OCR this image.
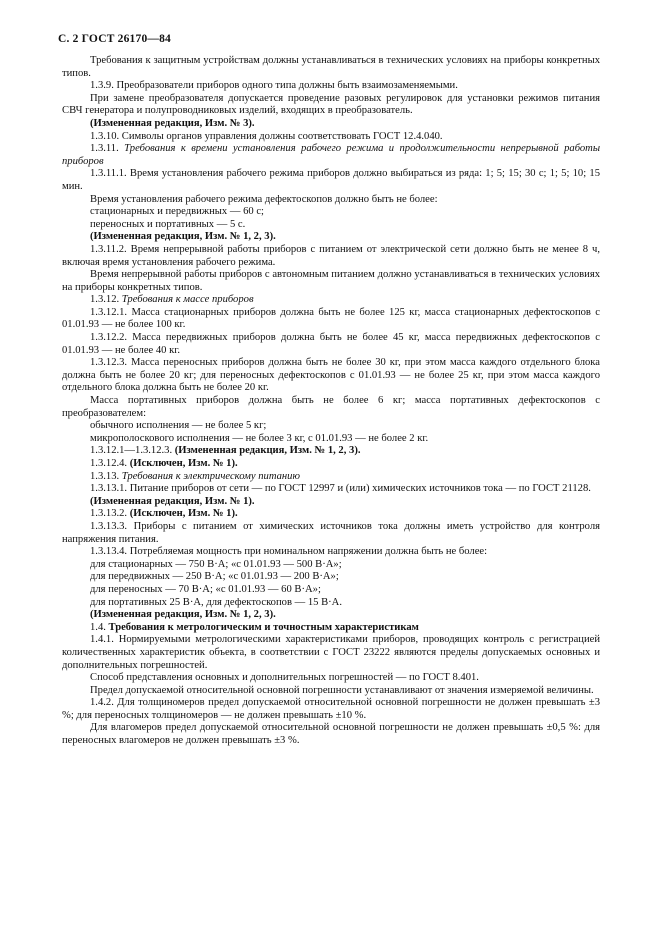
С. 2 ГОСТ 26170—84

Требования к защитным устройствам должны устанавливаться в технических условиях на приборы конкретных типов.

1.3.9. Преобразователи приборов одного типа должны быть взаимозаменяемыми.

При замене преобразователя допускается проведение разовых регулировок для установки режимов питания СВЧ генератора и полупроводниковых изделий, входящих в преобразователь.

(Измененная редакция, Изм. № 3).

1.3.10. Символы органов управления должны соответствовать ГОСТ 12.4.040.

1.3.11. Требования к времени установления рабочего режима и продолжительности непрерывной работы приборов

1.3.11.1. Время установления рабочего режима приборов должно выбираться из ряда: 1; 5; 15; 30 с; 1; 5; 10; 15 мин.

Время установления рабочего режима дефектоскопов должно быть не более:

стационарных и передвижных — 60 с;

переносных и портативных — 5 с.

(Измененная редакция, Изм. № 1, 2, 3).

1.3.11.2. Время непрерывной работы приборов с питанием от электрической сети должно быть не менее 8 ч, включая время установления рабочего режима.

Время непрерывной работы приборов с автономным питанием должно устанавливаться в технических условиях на приборы конкретных типов.

1.3.12. Требования к массе приборов

1.3.12.1. Масса стационарных приборов должна быть не более 125 кг, масса стационарных дефектоскопов с 01.01.93 — не более 100 кг.

1.3.12.2. Масса передвижных приборов должна быть не более 45 кг, масса передвижных дефектоскопов с 01.01.93 — не более 40 кг.

1.3.12.3. Масса переносных приборов должна быть не более 30 кг, при этом масса каждого отдельного блока должна быть не более 20 кг; для переносных дефектоскопов с 01.01.93 — не более 25 кг, при этом масса каждого отдельного блока должна быть не более 20 кг.

Масса портативных приборов должна быть не более 6 кг; масса портативных дефектоскопов с преобразователем:

обычного исполнения — не более 5 кг;

микрополоскового исполнения — не более 3 кг, с 01.01.93 — не более 2 кг.

1.3.12.1—1.3.12.3. (Измененная редакция, Изм. № 1, 2, 3).

1.3.12.4. (Исключен, Изм. № 1).

1.3.13. Требования к электрическому питанию

1.3.13.1. Питание приборов от сети — по ГОСТ 12997 и (или) химических источников тока — по ГОСТ 21128.

(Измененная редакция, Изм. № 1).

1.3.13.2. (Исключен, Изм. № 1).

1.3.13.3. Приборы с питанием от химических источников тока должны иметь устройство для контроля напряжения питания.

1.3.13.4. Потребляемая мощность при номинальном напряжении должна быть не более:

для стационарных — 750 В·А; «с 01.01.93 — 500 В·А»;

для передвижных — 250 В·А; «с 01.01.93 — 200 В·А»;

для переносных — 70 В·А; «с 01.01.93 — 60 В·А»;

для портативных 25 В·А, для дефектоскопов — 15 В·А.

(Измененная редакция, Изм. № 1, 2, 3).

1.4. Требования к метрологическим и точностным характеристикам

1.4.1. Нормируемыми метрологическими характеристиками приборов, проводящих контроль с регистрацией количественных характеристик объекта, в соответствии с ГОСТ 23222 являются пределы допускаемых основных и дополнительных погрешностей.

Способ представления основных и дополнительных погрешностей — по ГОСТ 8.401.

Предел допускаемой относительной основной погрешности устанавливают от значения измеряемой величины.

1.4.2. Для толщиномеров предел допускаемой относительной основной погрешности не должен превышать ±3 %; для переносных толщиномеров — не должен превышать ±10 %.

Для влагомеров предел допускаемой относительной основной погрешности не должен превышать ±0,5 %: для переносных влагомеров не должен превышать ±3 %.
